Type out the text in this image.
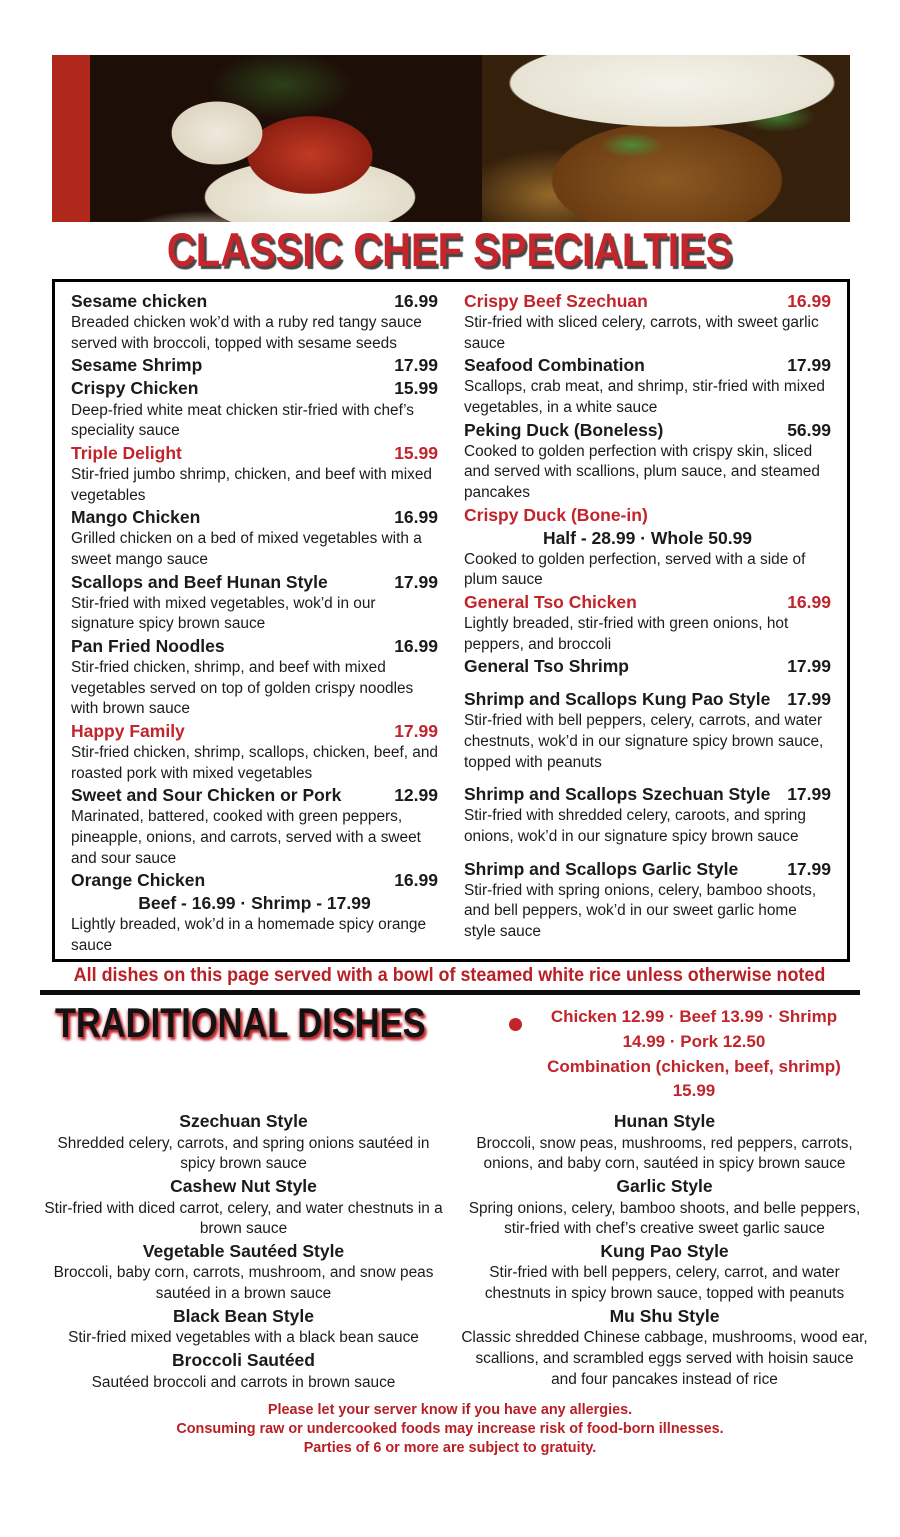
CLASSIC CHEF SPECIALTIES
Sesame chicken	16.99
Breaded chicken wok’d with a ruby red tangy sauce served with broccoli, topped with sesame seeds
Sesame Shrimp	17.99
Crispy Chicken	15.99
Deep-fried white meat chicken stir-fried with chef’s speciality sauce
Triple Delight	15.99
Stir-fried jumbo shrimp, chicken, and beef with mixed vegetables
Mango Chicken	16.99
Grilled chicken on a bed of mixed vegetables with a sweet mango sauce
Scallops and Beef Hunan Style	17.99
Stir-fried with mixed vegetables, wok’d in our signature spicy brown sauce
Pan Fried Noodles	16.99
Stir-fried chicken, shrimp, and beef with mixed vegetables served on top of golden crispy noodles with brown sauce
Happy Family	17.99
Stir-fried chicken, shrimp, scallops, chicken, beef, and roasted pork with mixed vegetables
Sweet and Sour Chicken or Pork	12.99
Marinated, battered, cooked with green peppers, pineapple, onions, and carrots, served with a sweet and sour sauce
Orange Chicken	16.99
Beef - 16.99 · Shrimp - 17.99
Lightly breaded, wok’d in a homemade spicy orange sauce
Crispy Beef Szechuan	16.99
Stir-fried with sliced celery, carrots, with sweet garlic sauce
Seafood Combination	17.99
Scallops, crab meat, and shrimp, stir-fried with mixed vegetables, in a white sauce
Peking Duck (Boneless)	56.99
Cooked to golden perfection with crispy skin, sliced and served with scallions, plum sauce, and steamed pancakes
Crispy Duck (Bone-in)
Half - 28.99 · Whole 50.99
Cooked to golden perfection, served with a side of plum sauce
General Tso Chicken	16.99
Lightly breaded, stir-fried with green onions, hot peppers, and broccoli
General Tso Shrimp	17.99
Shrimp and Scallops Kung Pao Style 17.99
Stir-fried with bell peppers, celery, carrots, and water chestnuts, wok’d in our signature spicy brown sauce, topped with peanuts
Shrimp and Scallops Szechuan Style 17.99
Stir-fried with shredded celery, caroots, and spring onions, wok’d in our signature spicy brown sauce
Shrimp and Scallops Garlic Style	17.99
Stir-fried with spring onions, celery, bamboo shoots, and bell peppers, wok’d in our sweet garlic home style sauce
All dishes on this page served with a bowl of steamed white rice unless otherwise noted
TRADITIONAL DISHES	Chicken 12.99 · Beef 13.99 · Shrimp 14.99 · Pork 12.50
Combination (chicken, beef, shrimp) 15.99
Szechuan Style
Shredded celery, carrots, and spring onions sautéed in spicy brown sauce
Cashew Nut Style
Stir-fried with diced carrot, celery, and water chestnuts in a brown sauce
Vegetable Sautéed Style
Broccoli, baby corn, carrots, mushroom, and snow peas sautéed in a brown sauce
Black Bean Style
Stir-fried mixed vegetables with a black bean sauce
Broccoli Sautéed
Sautéed broccoli and carrots in brown sauce
Hunan Style
Broccoli, snow peas, mushrooms, red peppers, carrots, onions, and baby corn, sautéed in spicy brown sauce
Garlic Style
Spring onions, celery, bamboo shoots, and belle peppers, stir-fried with chef’s creative sweet garlic sauce
Kung Pao Style
Stir-fried with bell peppers, celery, carrot, and water chestnuts in spicy brown sauce, topped with peanuts
Mu Shu Style
Classic shredded Chinese cabbage, mushrooms, wood ear, scallions, and scrambled eggs served with hoisin sauce and four pancakes instead of rice
Please let your server know if you have any allergies.
Consuming raw or undercooked foods may increase risk of food-born illnesses.
Parties of 6 or more are subject to gratuity.
